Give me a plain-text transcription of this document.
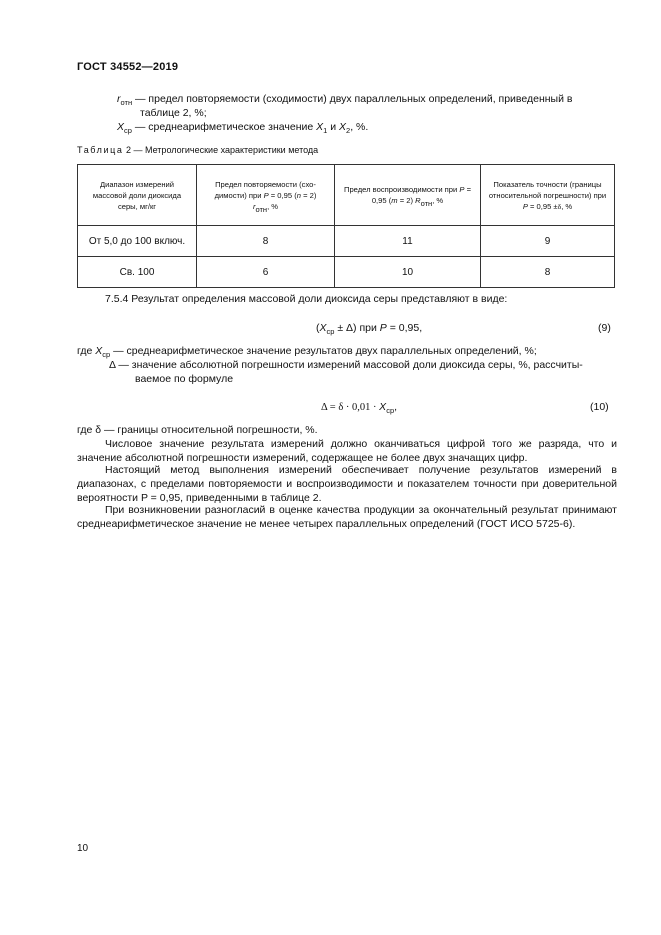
ГОСТ 34552—2019
$r_{отн}$ — предел повторяемости (сходимости) двух параллельных определений, приведенный в
таблице 2, %;
$X_{ср}$ — среднеарифметическое значение $X_1$ и $X_2$, %.
Таблица 2 — Метрологические характеристики метода
Диапазон измерений массовой доли диоксида серы, мг/кг	Предел повторяемости (схо-димости) при P = 0,95 (n = 2)
$r_{отн}$, %	Предел воспроизводимости при P = 0,95 (m = 2) $R_{отн}$, %	Показатель точности (границы относительной погрешности) при P = 0,95 ±δ, %
От 5,0 до 100 включ.	8	11	9
Св. 100	6	10	8
7.5.4 Результат определения массовой доли диоксида серы представляют в виде:
$(X_{ср} \pm \Delta)$ при P = 0,95,	(9)
где $X_{ср}$ — среднеарифметическое значение результатов двух параллельных определений, %;
Δ — значение абсолютной погрешности измерений массовой доли диоксида серы, %, рассчиты-
ваемое по формуле
$\Delta = \delta \cdot 0,01 \cdot X_{ср}$,	(10)
где δ — границы относительной погрешности, %.
Числовое значение результата измерений должно оканчиваться цифрой того же разряда, что и значение абсолютной погрешности измерений, содержащее не более двух значащих цифр.
Настоящий метод выполнения измерений обеспечивает получение результатов измерений в диапазонах, с пределами повторяемости и воспроизводимости и показателем точности при доверительной вероятности P = 0,95, приведенными в таблице 2.
При возникновении разногласий в оценке качества продукции за окончательный результат принимают среднеарифметическое значение не менее четырех параллельных определений (ГОСТ ИСО 5725-6).
10
